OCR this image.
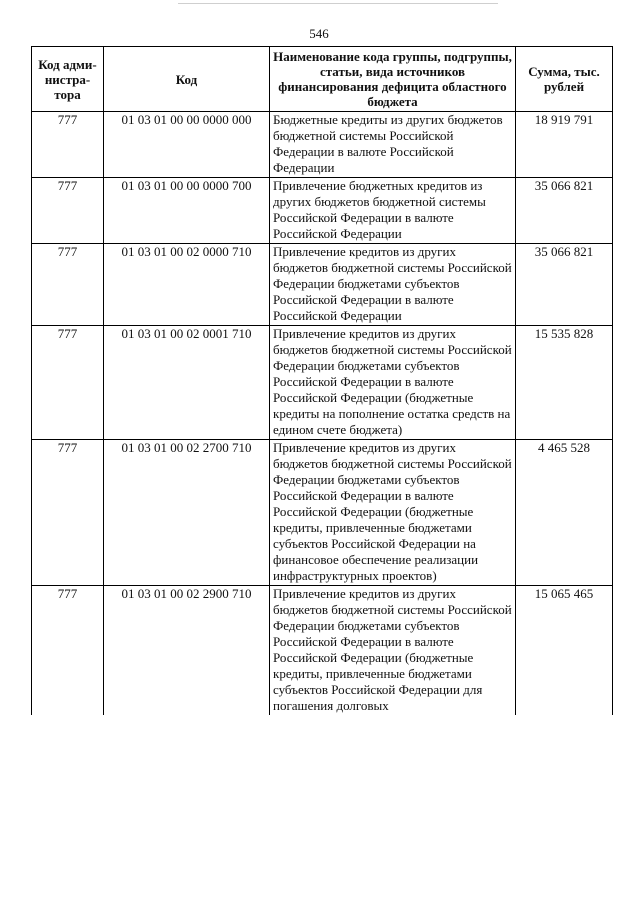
546
Код адми-нистра-тора	Код	Наименование кода группы, подгруппы, статьи, вида источников финансирования дефицита областного бюджета	Сумма, тыс. рублей
777	01 03 01 00 00 0000 000	Бюджетные кредиты из других бюджетов бюджетной системы Российской Федерации в валюте Российской Федерации	18 919 791
777	01 03 01 00 00 0000 700	Привлечение бюджетных кредитов из других бюджетов бюджетной системы Российской Федерации в валюте Российской Федерации	35 066 821
777	01 03 01 00 02 0000 710	Привлечение кредитов из других бюджетов бюджетной системы Российской Федерации бюджетами субъектов Российской Федерации в валюте Российской Федерации	35 066 821
777	01 03 01 00 02 0001 710	Привлечение кредитов из других бюджетов бюджетной системы Российской Федерации бюджетами субъектов Российской Федерации в валюте Российской Федерации (бюджетные кредиты на пополнение остатка средств на едином счете бюджета)	15 535 828
777	01 03 01 00 02 2700 710	Привлечение кредитов из других бюджетов бюджетной системы Российской Федерации бюджетами субъектов Российской Федерации в валюте Российской Федерации (бюджетные кредиты, привлеченные бюджетами субъектов Российской Федерации на финансовое обеспечение реализации инфраструктурных проектов)	4 465 528
777	01 03 01 00 02 2900 710	Привлечение кредитов из других бюджетов бюджетной системы Российской Федерации бюджетами субъектов Российской Федерации в валюте Российской Федерации (бюджетные кредиты, привлеченные бюджетами субъектов Российской Федерации для погашения долговых	15 065 465
